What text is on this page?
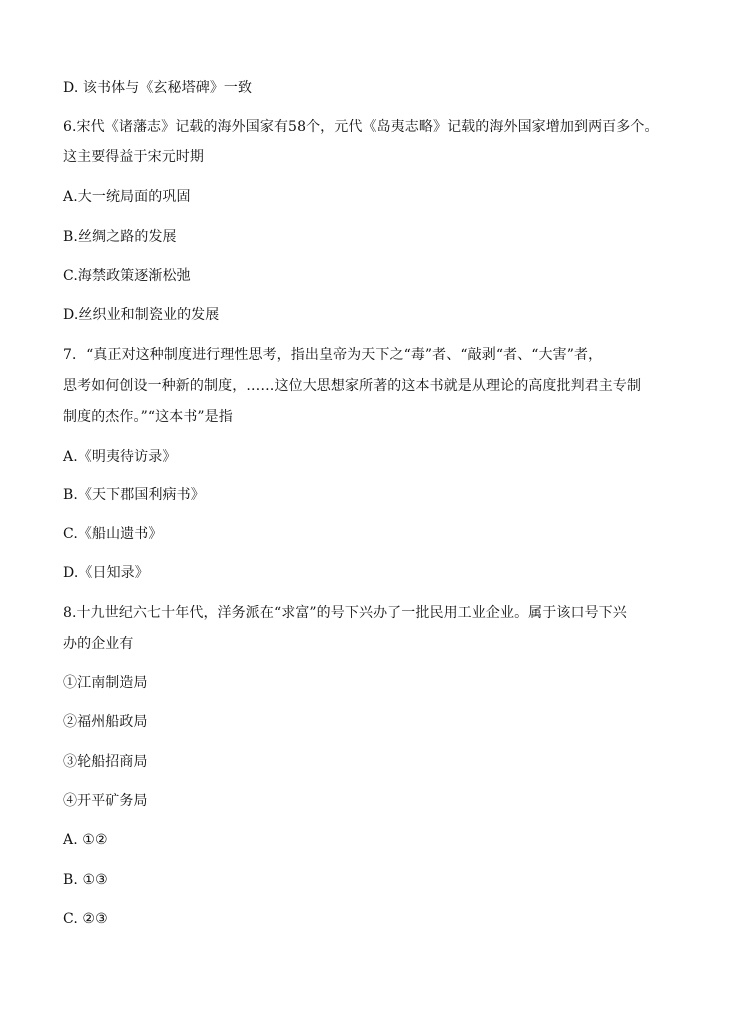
D. 该书体与《玄秘塔碑》一致
6.宋代《诸藩志》记载的海外国家有58个，元代《岛夷志略》记载的海外国家增加到两百多个。
这主要得益于宋元时期
A.大一统局面的巩固
B.丝绸之路的发展
C.海禁政策逐渐松弛
D.丝织业和制瓷业的发展
7．“真正对这种制度进行理性思考，指出皇帝为天下之“毒”者、“敲剥“者、“大害”者，
思考如何创设一种新的制度，……这位大思想家所著的这本书就是从理论的高度批判君主专制
制度的杰作。”“这本书”是指
A.《明夷待访录》
B.《天下郡国利病书》
C.《船山遗书》
D.《日知录》
8.十九世纪六七十年代，洋务派在“求富”的号下兴办了一批民用工业企业。属于该口号下兴
办的企业有
①江南制造局
②福州船政局
③轮船招商局
④开平矿务局
A. ①②
B. ①③
C. ②③
